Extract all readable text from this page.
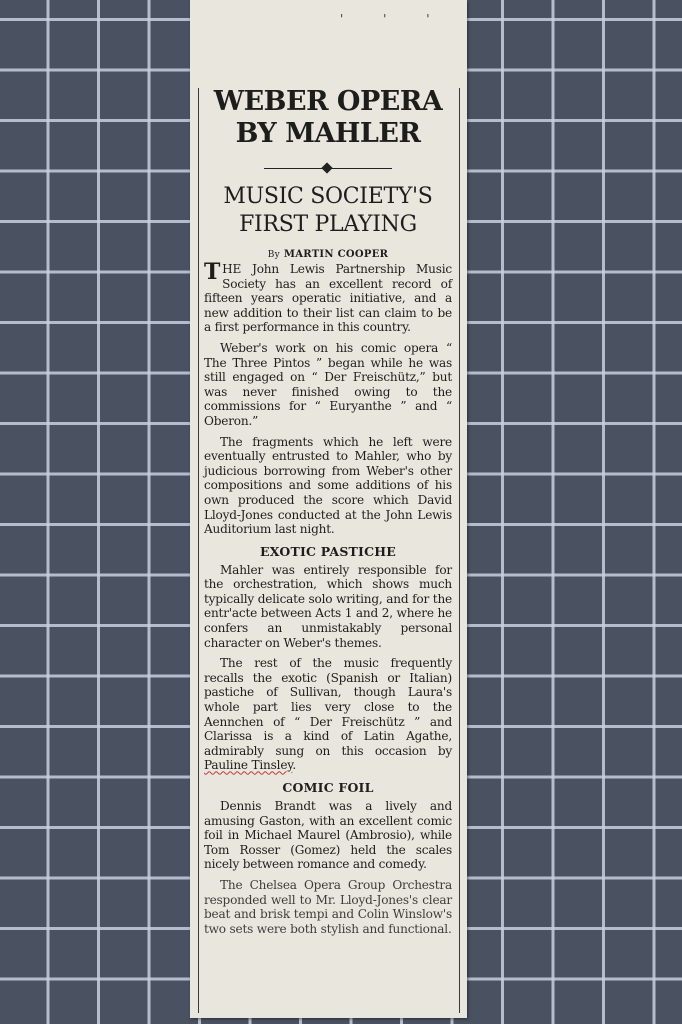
' ' '
WEBER OPERA
BY MAHLER
MUSIC SOCIETY'S
FIRST PLAYING
By MARTIN COOPER

THE John Lewis Partnership Music Society has an excellent record of fifteen years operatic initiative, and a new addition to their list can claim to be a first performance in this country.

Weber's work on his comic opera “ The Three Pintos ” began while he was still engaged on “ Der Freischütz,” but was never finished owing to the commissions for “ Euryanthe ” and “ Oberon.”

The fragments which he left were eventually entrusted to Mahler, who by judicious borrowing from Weber's other compositions and some additions of his own produced the score which David Lloyd-Jones conducted at the John Lewis Auditorium last night.

EXOTIC PASTICHE

Mahler was entirely responsible for the orchestration, which shows much typically delicate solo writing, and for the entr'acte between Acts 1 and 2, where he confers an unmistakably personal character on Weber's themes.

The rest of the music frequently recalls the exotic (Spanish or Italian) pastiche of Sullivan, though Laura's whole part lies very close to the Aennchen of “ Der Freischütz ” and Clarissa is a kind of Latin Agathe, admirably sung on this occasion by Pauline Tinsley.

COMIC FOIL

Dennis Brandt was a lively and amusing Gaston, with an excellent comic foil in Michael Maurel (Ambrosio), while Tom Rosser (Gomez) held the scales nicely between romance and comedy.

The Chelsea Opera Group Orchestra responded well to Mr. Lloyd-Jones's clear beat and brisk tempi and Colin Winslow's two sets were both stylish and functional.
